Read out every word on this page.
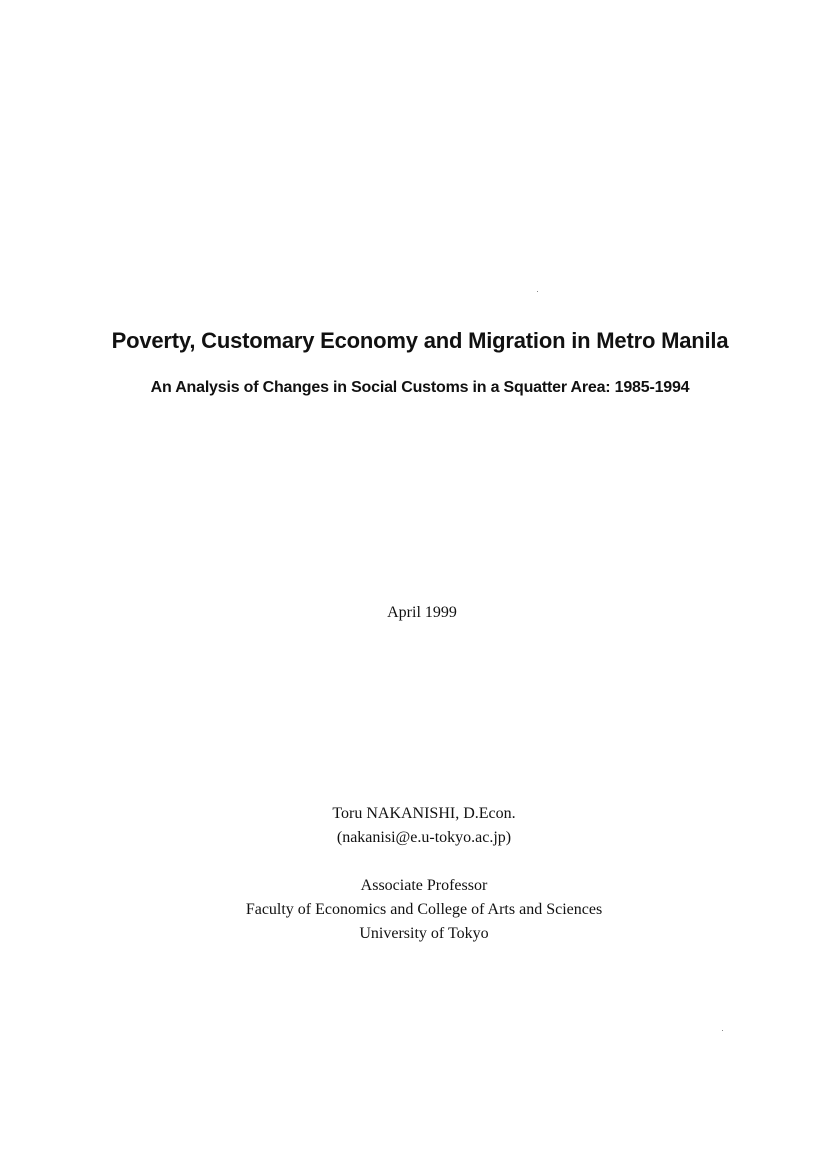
Poverty, Customary Economy and Migration in Metro Manila
An Analysis of Changes in Social Customs in a Squatter Area: 1985-1994
April 1999
Toru NAKANISHI, D.Econ.
(nakanisi@e.u-tokyo.ac.jp)
Associate Professor
Faculty of Economics and College of Arts and Sciences
University of Tokyo
